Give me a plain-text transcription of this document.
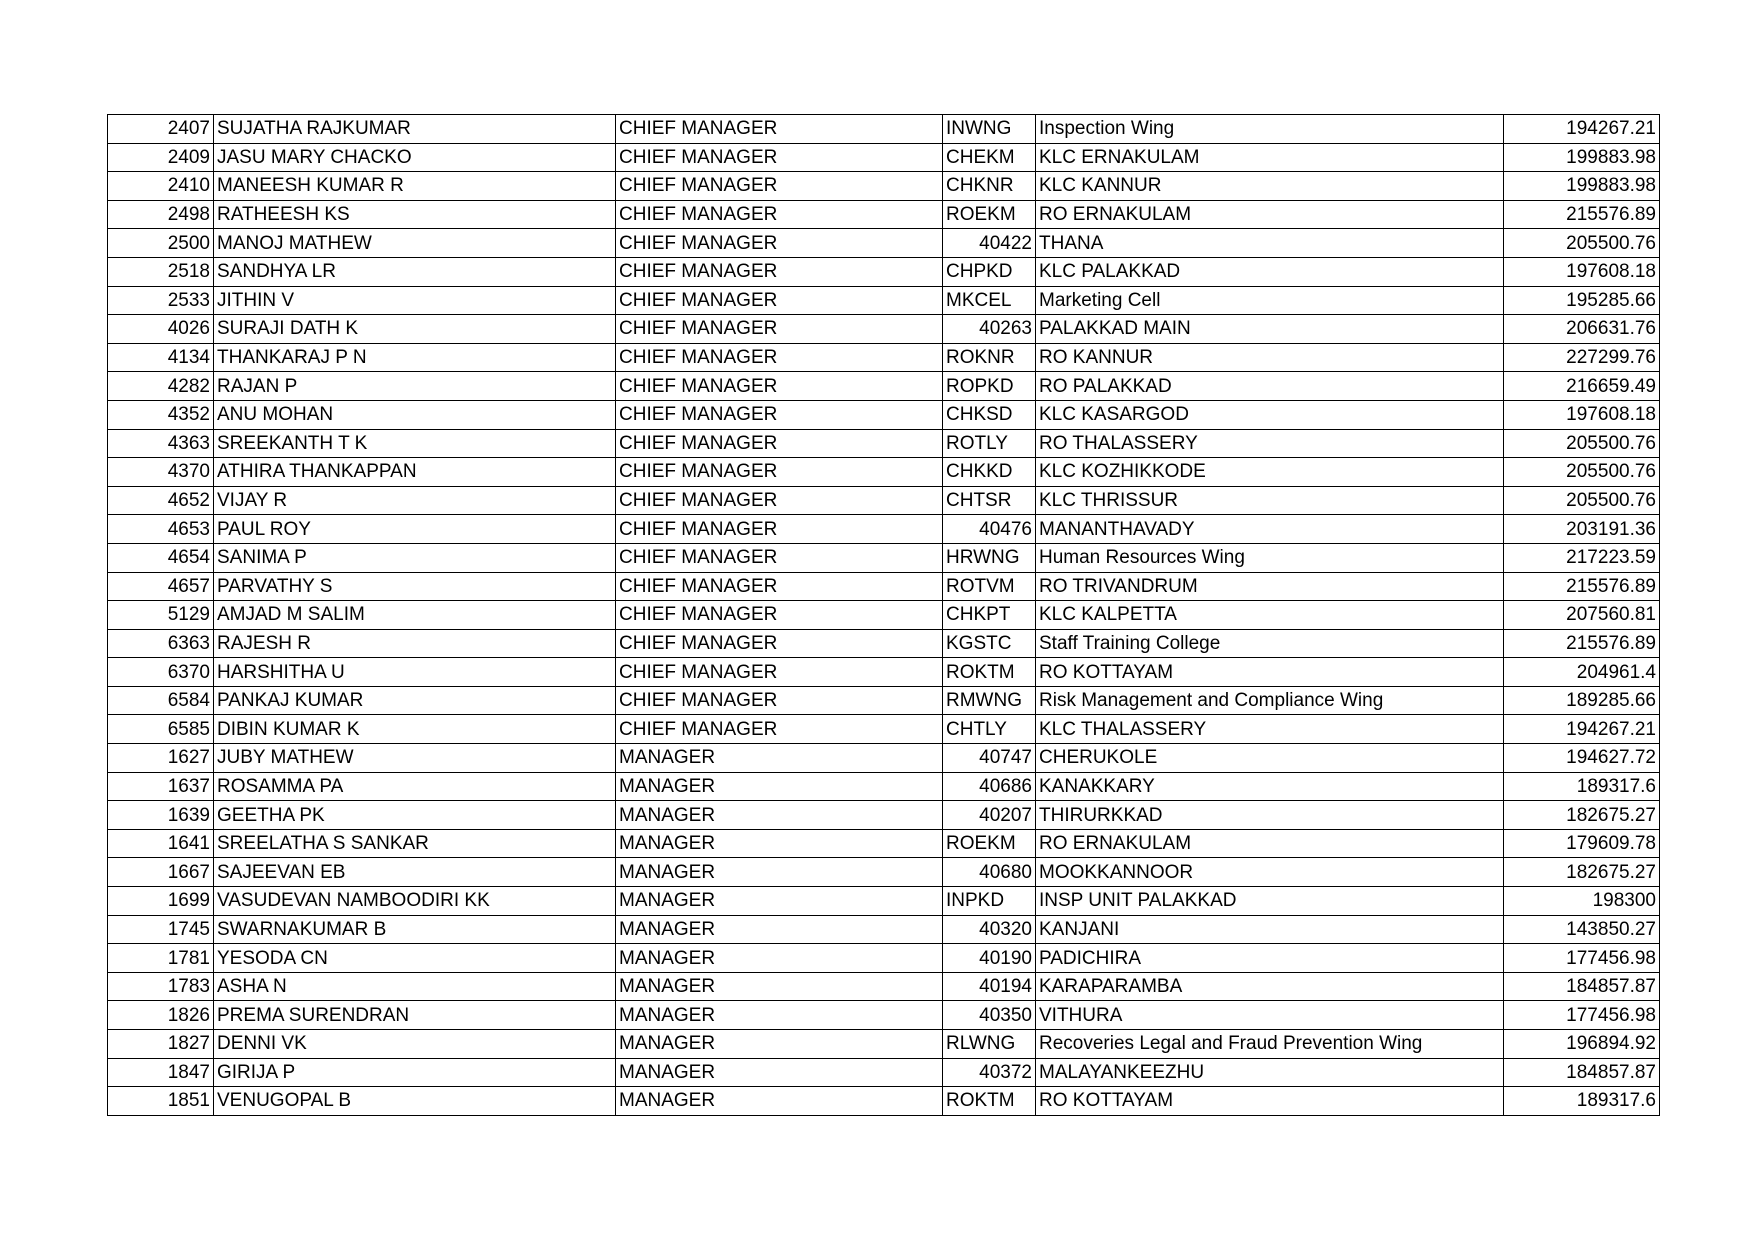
2407	SUJATHA RAJKUMAR	CHIEF MANAGER	INWNG	Inspection Wing	194267.21
2409	JASU MARY CHACKO	CHIEF MANAGER	CHEKM	KLC ERNAKULAM	199883.98
2410	MANEESH KUMAR R	CHIEF MANAGER	CHKNR	KLC KANNUR	199883.98
2498	RATHEESH KS	CHIEF MANAGER	ROEKM	RO ERNAKULAM	215576.89
2500	MANOJ MATHEW	CHIEF MANAGER	40422	THANA	205500.76
2518	SANDHYA LR	CHIEF MANAGER	CHPKD	KLC PALAKKAD	197608.18
2533	JITHIN V	CHIEF MANAGER	MKCEL	Marketing Cell	195285.66
4026	SURAJI DATH K	CHIEF MANAGER	40263	PALAKKAD MAIN	206631.76
4134	THANKARAJ P N	CHIEF MANAGER	ROKNR	RO KANNUR	227299.76
4282	RAJAN P	CHIEF MANAGER	ROPKD	RO PALAKKAD	216659.49
4352	ANU MOHAN	CHIEF MANAGER	CHKSD	KLC KASARGOD	197608.18
4363	SREEKANTH T K	CHIEF MANAGER	ROTLY	RO THALASSERY	205500.76
4370	ATHIRA THANKAPPAN	CHIEF MANAGER	CHKKD	KLC KOZHIKKODE	205500.76
4652	VIJAY R	CHIEF MANAGER	CHTSR	KLC THRISSUR	205500.76
4653	PAUL ROY	CHIEF MANAGER	40476	MANANTHAVADY	203191.36
4654	SANIMA P	CHIEF MANAGER	HRWNG	Human Resources Wing	217223.59
4657	PARVATHY S	CHIEF MANAGER	ROTVM	RO TRIVANDRUM	215576.89
5129	AMJAD M SALIM	CHIEF MANAGER	CHKPT	KLC KALPETTA	207560.81
6363	RAJESH R	CHIEF MANAGER	KGSTC	Staff Training College	215576.89
6370	HARSHITHA U	CHIEF MANAGER	ROKTM	RO KOTTAYAM	204961.4
6584	PANKAJ KUMAR	CHIEF MANAGER	RMWNG	Risk Management and Compliance Wing	189285.66
6585	DIBIN KUMAR K	CHIEF MANAGER	CHTLY	KLC THALASSERY	194267.21
1627	JUBY MATHEW	MANAGER	40747	CHERUKOLE	194627.72
1637	ROSAMMA PA	MANAGER	40686	KANAKKARY	189317.6
1639	GEETHA PK	MANAGER	40207	THIRURKKAD	182675.27
1641	SREELATHA S SANKAR	MANAGER	ROEKM	RO ERNAKULAM	179609.78
1667	SAJEEVAN EB	MANAGER	40680	MOOKKANNOOR	182675.27
1699	VASUDEVAN NAMBOODIRI KK	MANAGER	INPKD	INSP UNIT PALAKKAD	198300
1745	SWARNAKUMAR B	MANAGER	40320	KANJANI	143850.27
1781	YESODA CN	MANAGER	40190	PADICHIRA	177456.98
1783	ASHA N	MANAGER	40194	KARAPARAMBA	184857.87
1826	PREMA SURENDRAN	MANAGER	40350	VITHURA	177456.98
1827	DENNI VK	MANAGER	RLWNG	Recoveries Legal and Fraud Prevention Wing	196894.92
1847	GIRIJA P	MANAGER	40372	MALAYANKEEZHU	184857.87
1851	VENUGOPAL B	MANAGER	ROKTM	RO KOTTAYAM	189317.6
